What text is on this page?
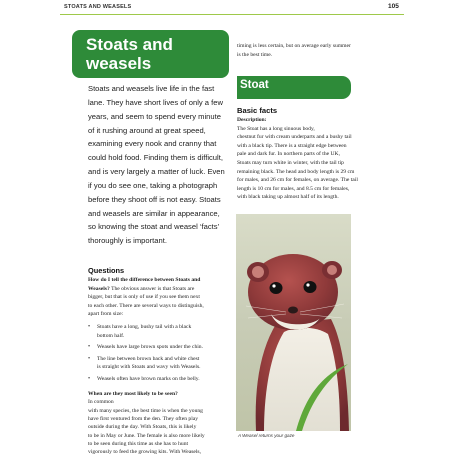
STOATS AND WEASELS	105
Stoats and
weasels
Stoats and weasels live life in the fast
lane. They have short lives of only a few
years, and seem to spend every minute
of it rushing around at great speed,
examining every nook and cranny that
could hold food. Finding them is difficult,
and is very largely a matter of luck. Even
if you do see one, taking a photograph
before they shoot off is not easy. Stoats
and weasels are similar in appearance,
so knowing the stoat and weasel ‘facts’
thoroughly is important.
Questions
How do I tell the difference between Stoats and
Weasels? The obvious answer is that Stoats are
bigger, but that is only of use if you see them next
to each other. There are several ways to distinguish,
apart from size:
• Stoats have a long, bushy tail with a black
bottom half.
• Weasels have large brown spots under the chin.
• The line between brown back and white chest
is straight with Stoats and wavy with Weasels.
• Weasels often have brown marks on the belly.
When are they most likely to be seen?
In common
with many species, the best time is when the young
have first ventured from the den. They often play
outside during the day. With Stoats, this is likely
to be in May or June. The female is also more likely
to be seen during this time as she has to hunt
vigorously to feed the growing kits. With Weasels,
timing is less certain, but on average early summer
is the best time.
Stoat
Basic facts
Description:
The Stoat has a long sinuous body,
chestnut fur with cream underparts and a bushy tail
with a black tip. There is a straight edge between
pale and dark fur. In northern parts of the UK,
Stoats may turn white in winter, with the tail tip
remaining black. The head and body length is 29 cm
for males, and 26 cm for females, on average. The tail
length is 10 cm for males, and 8.5 cm for females,
with black taking up almost half of its length.
A Weasel returns your gaze
